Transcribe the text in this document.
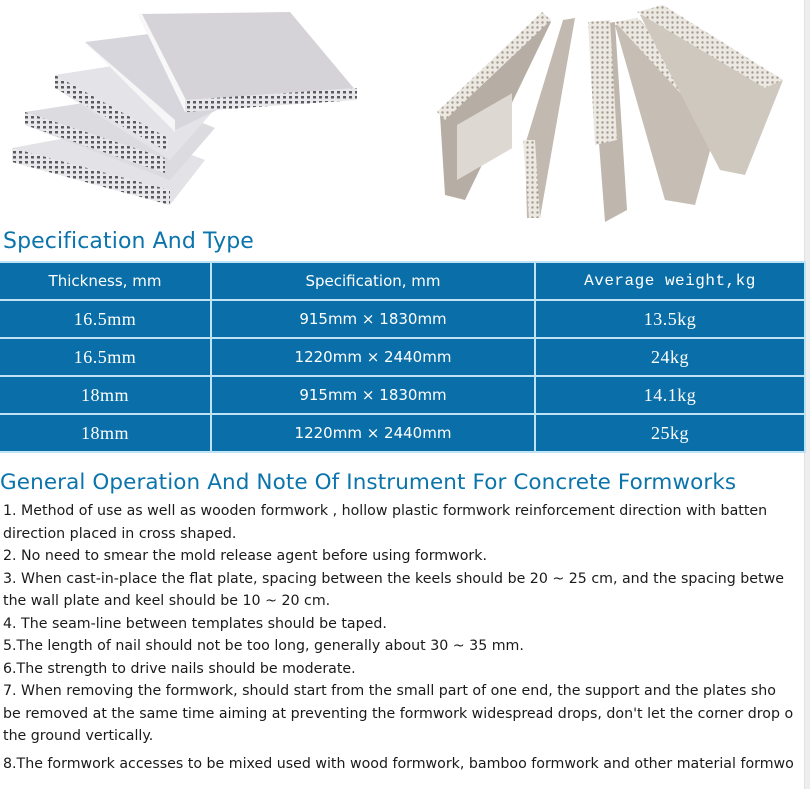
Specification And Type
Thickness, mm	Specification, mm	Average weight,kg
16.5mm	915mm × 1830mm	13.5kg
16.5mm	1220mm × 2440mm	24kg
18mm	915mm × 1830mm	14.1kg
18mm	1220mm × 2440mm	25kg
General Operation And Note Of Instrument For Concrete Formworks

1. Method of use as well as wooden formwork , hollow plastic formwork reinforcement direction with batten

direction placed in cross shaped.

2. No need to smear the mold release agent before using formwork.

3. When cast-in-place the flat plate, spacing between the keels should be 20 ~ 25 cm, and the spacing betwe

the wall plate and keel should be 10 ~ 20 cm.

4. The seam-line between templates should be taped.

5.The length of nail should not be too long, generally about 30 ~ 35 mm.

6.The strength to drive nails should be moderate.

7. When removing the formwork, should start from the small part of one end, the support and the plates sho

be removed at the same time aiming at preventing the formwork widespread drops, don't let the corner drop o

the ground vertically.

8.The formwork accesses to be mixed used with wood formwork, bamboo formwork and other material formwo
